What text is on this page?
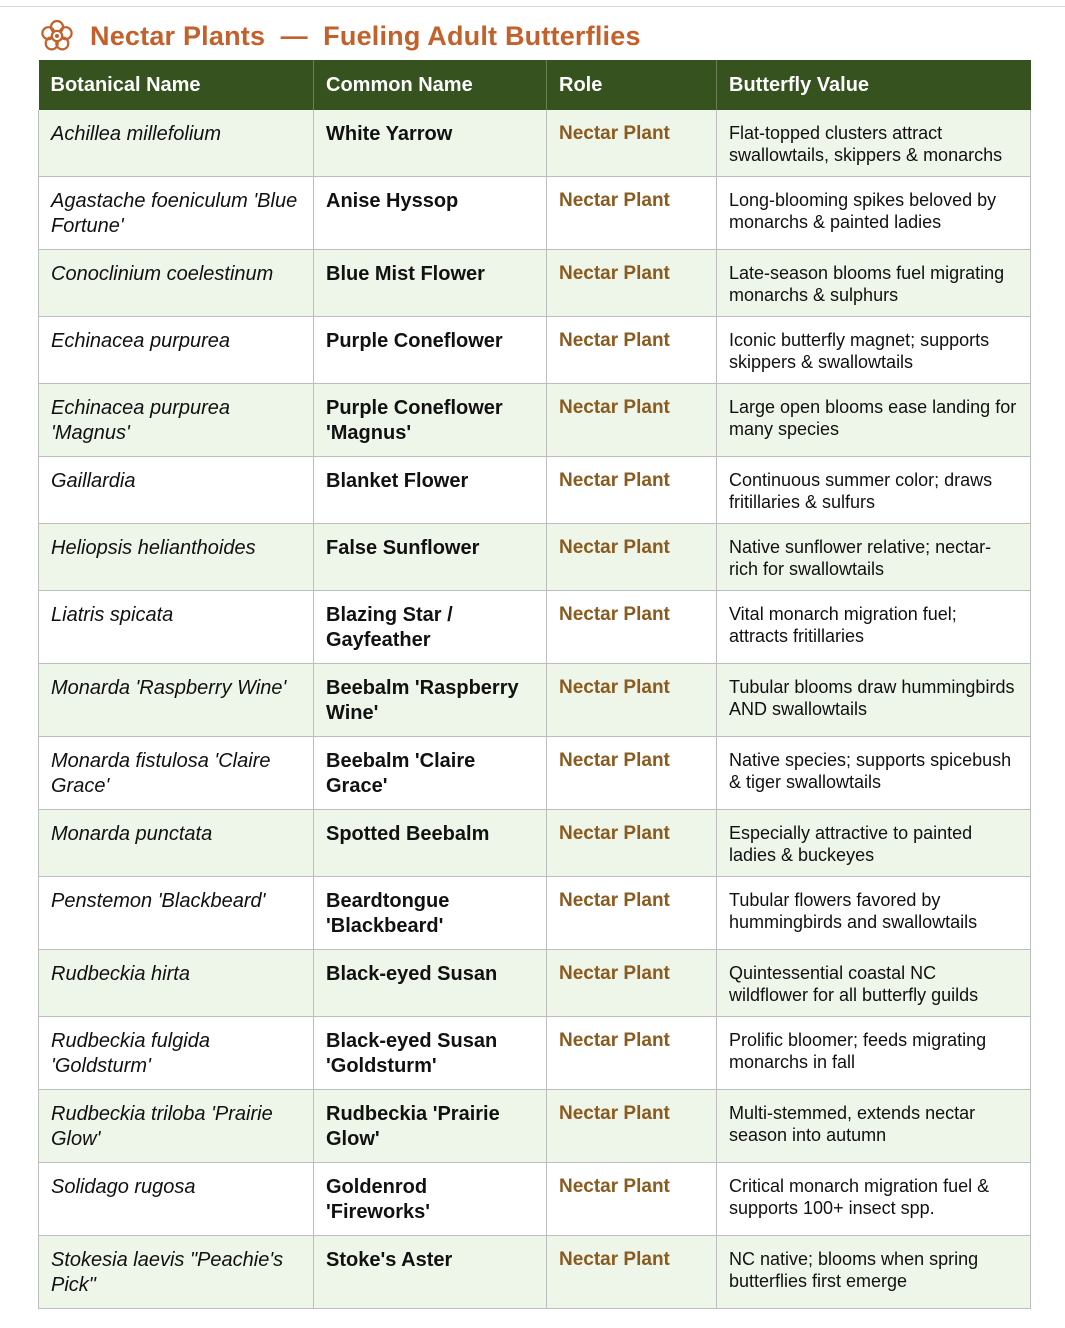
Nectar Plants  —  Fueling Adult Butterflies
Botanical Name	Common Name	Role	Butterfly Value
Achillea millefolium	White Yarrow	Nectar Plant	Flat-topped clusters attract swallowtails, skippers & monarchs
Agastache foeniculum 'Blue Fortune'	Anise Hyssop	Nectar Plant	Long-blooming spikes beloved by monarchs & painted ladies
Conoclinium coelestinum	Blue Mist Flower	Nectar Plant	Late-season blooms fuel migrating monarchs & sulphurs
Echinacea purpurea	Purple Coneflower	Nectar Plant	Iconic butterfly magnet; supports skippers & swallowtails
Echinacea purpurea 'Magnus'	Purple Coneflower 'Magnus'	Nectar Plant	Large open blooms ease landing for many species
Gaillardia	Blanket Flower	Nectar Plant	Continuous summer color; draws fritillaries & sulfurs
Heliopsis helianthoides	False Sunflower	Nectar Plant	Native sunflower relative; nectar-rich for swallowtails
Liatris spicata	Blazing Star / Gayfeather	Nectar Plant	Vital monarch migration fuel; attracts fritillaries
Monarda 'Raspberry Wine'	Beebalm 'Raspberry Wine'	Nectar Plant	Tubular blooms draw hummingbirds AND swallowtails
Monarda fistulosa 'Claire Grace'	Beebalm 'Claire Grace'	Nectar Plant	Native species; supports spicebush & tiger swallowtails
Monarda punctata	Spotted Beebalm	Nectar Plant	Especially attractive to painted ladies & buckeyes
Penstemon 'Blackbeard'	Beardtongue 'Blackbeard'	Nectar Plant	Tubular flowers favored by hummingbirds and swallowtails
Rudbeckia hirta	Black-eyed Susan	Nectar Plant	Quintessential coastal NC wildflower for all butterfly guilds
Rudbeckia fulgida 'Goldsturm'	Black-eyed Susan 'Goldsturm'	Nectar Plant	Prolific bloomer; feeds migrating monarchs in fall
Rudbeckia triloba 'Prairie Glow'	Rudbeckia 'Prairie Glow'	Nectar Plant	Multi-stemmed, extends nectar season into autumn
Solidago rugosa	Goldenrod 'Fireworks'	Nectar Plant	Critical monarch migration fuel & supports 100+ insect spp.
Stokesia laevis "Peachie's Pick"	Stoke's Aster	Nectar Plant	NC native; blooms when spring butterflies first emerge
